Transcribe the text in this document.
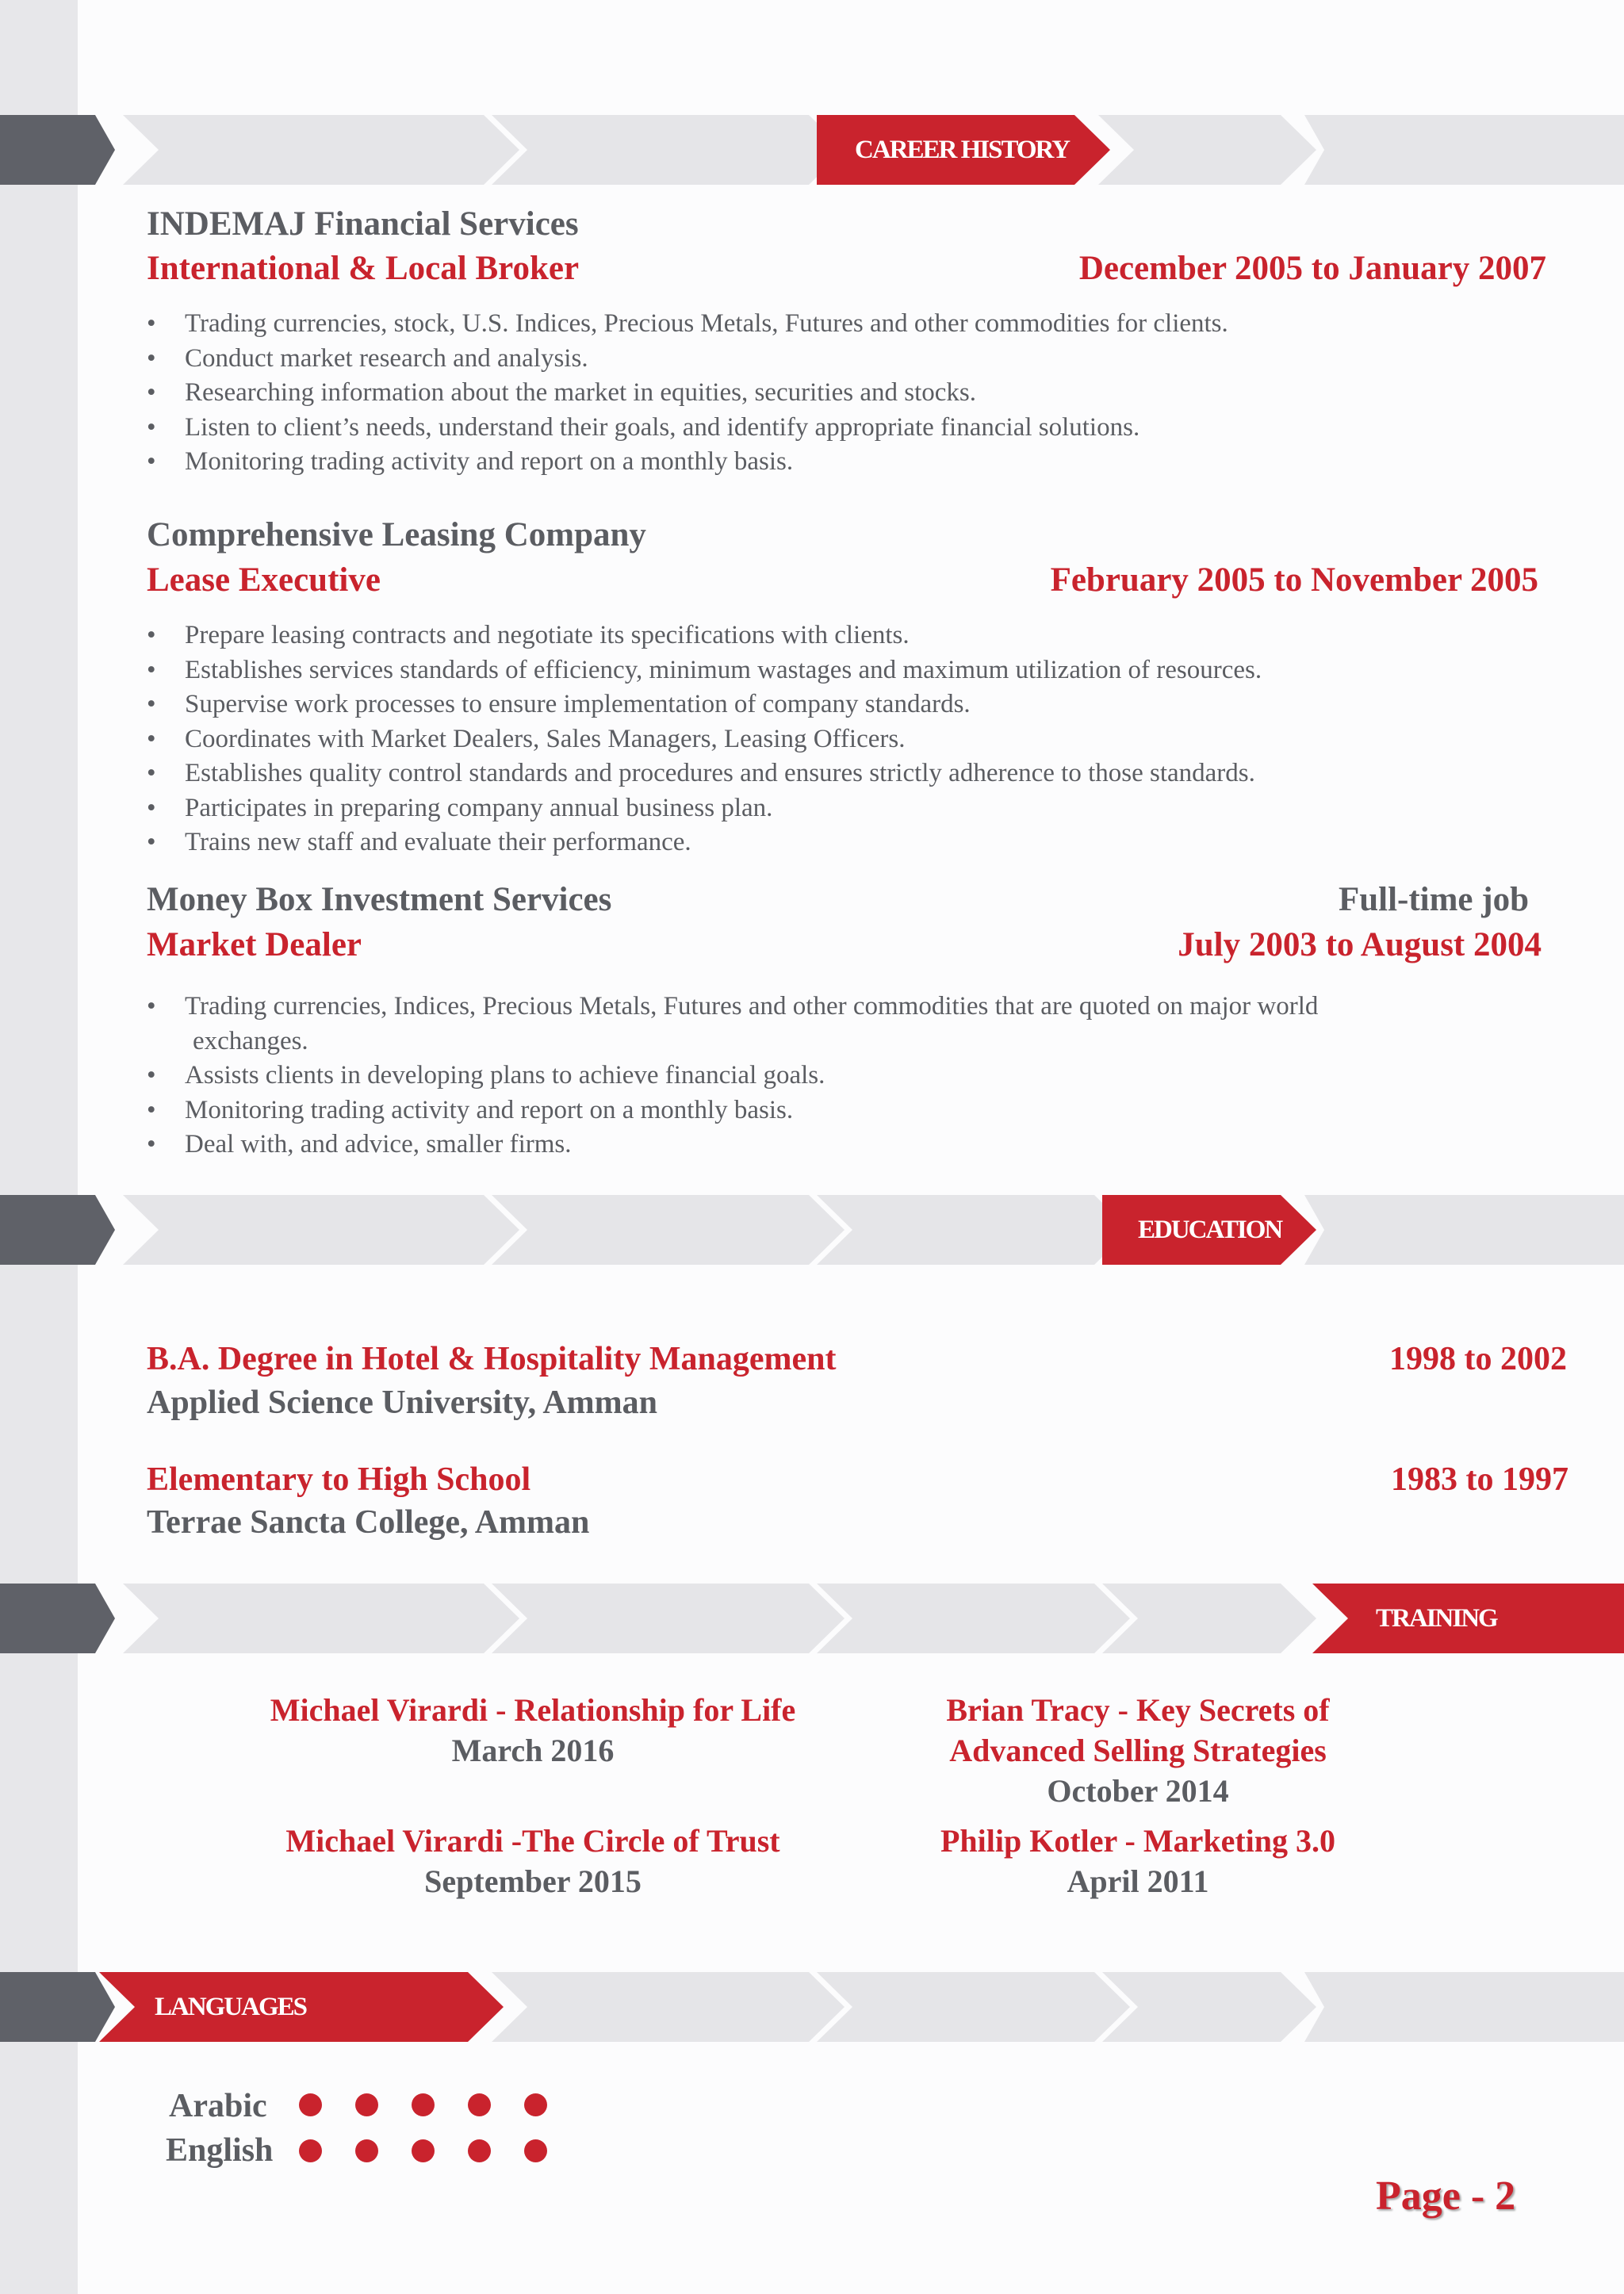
CAREER HISTORY
INDEMAJ Financial Services
International & Local Broker	December 2005 to January 2007
• Trading currencies, stock, U.S. Indices, Precious Metals, Futures and other commodities for clients.
• Conduct market research and analysis.
• Researching information about the market in equities, securities and stocks.
• Listen to client’s needs, understand their goals, and identify appropriate financial solutions.
• Monitoring trading activity and report on a monthly basis.
Comprehensive Leasing Company
Lease Executive	February 2005 to November 2005
• Prepare leasing contracts and negotiate its specifications with clients.
• Establishes services standards of efficiency, minimum wastages and maximum utilization of resources.
• Supervise work processes to ensure implementation of company standards.
• Coordinates with Market Dealers, Sales Managers, Leasing Officers.
• Establishes quality control standards and procedures and ensures strictly adherence to those standards.
• Participates in preparing company annual business plan.
• Trains new staff and evaluate their performance.
Money Box Investment Services	Full-time job
Market Dealer	July 2003 to August 2004
• Trading currencies, Indices, Precious Metals, Futures and other commodities that are quoted on major world
exchanges.
• Assists clients in developing plans to achieve financial goals.
• Monitoring trading activity and report on a monthly basis.
• Deal with, and advice, smaller firms.
EDUCATION
B.A. Degree in Hotel & Hospitality Management	1998 to 2002
Applied Science University, Amman
Elementary to High School	1983 to 1997
Terrae Sancta College, Amman
TRAINING
Michael Virardi - Relationship for Life
March 2016
Michael Virardi -The Circle of Trust
September 2015
Brian Tracy - Key Secrets of
Advanced Selling Strategies
October 2014
Philip Kotler - Marketing 3.0
April 2011
LANGUAGES
Arabic
English
Page - 2
